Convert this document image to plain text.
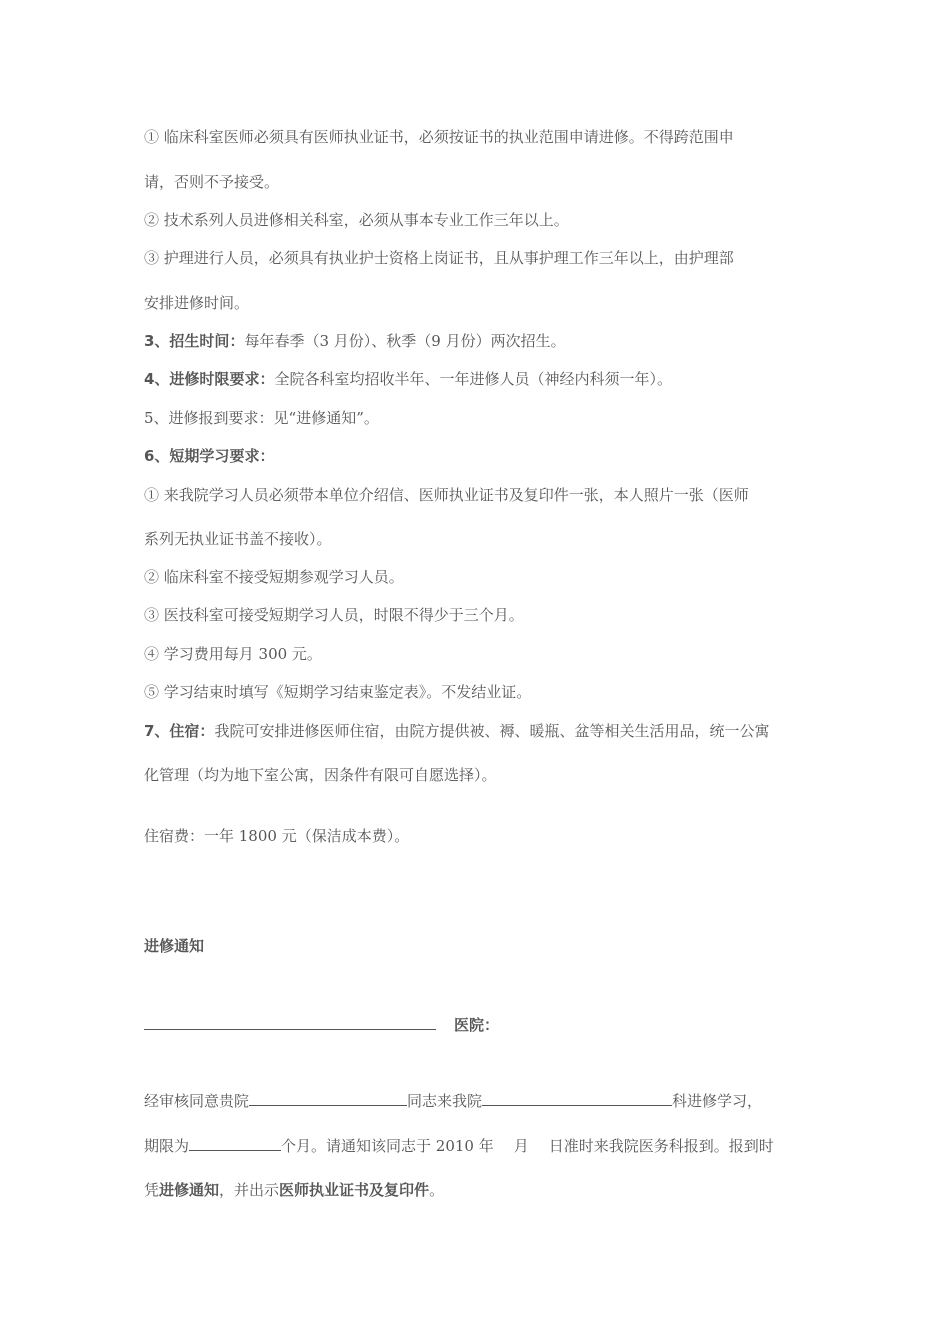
① 临床科室医师必须具有医师执业证书，必须按证书的执业范围申请进修。不得跨范围申
请，否则不予接受。
② 技术系列人员进修相关科室，必须从事本专业工作三年以上。
③ 护理进行人员，必须具有执业护士资格上岗证书，且从事护理工作三年以上，由护理部
安排进修时间。
3、招生时间：每年春季（3 月份）、秋季（9 月份）两次招生。
4、进修时限要求：全院各科室均招收半年、一年进修人员（神经内科须一年）。
5、进修报到要求：见“进修通知”。
6、短期学习要求：
① 来我院学习人员必须带本单位介绍信、医师执业证书及复印件一张，本人照片一张（医师
系列无执业证书盖不接收）。
② 临床科室不接受短期参观学习人员。
③ 医技科室可接受短期学习人员，时限不得少于三个月。
④ 学习费用每月 300 元。
⑤ 学习结束时填写《短期学习结束鉴定表》。不发结业证。
7、住宿：我院可安排进修医师住宿，由院方提供被、褥、暖瓶、盆等相关生活用品，统一公寓
化管理（均为地下室公寓，因条件有限可自愿选择）。
住宿费：一年 1800 元（保洁成本费）。
进修通知
医院：
经审核同意贵院	同志来我院	科进修学习，
期限为	个月。请通知该同志于 2010 年 月 日准时来我院医务科报到。报到时
凭进修通知，并出示医师执业证书及复印件。
